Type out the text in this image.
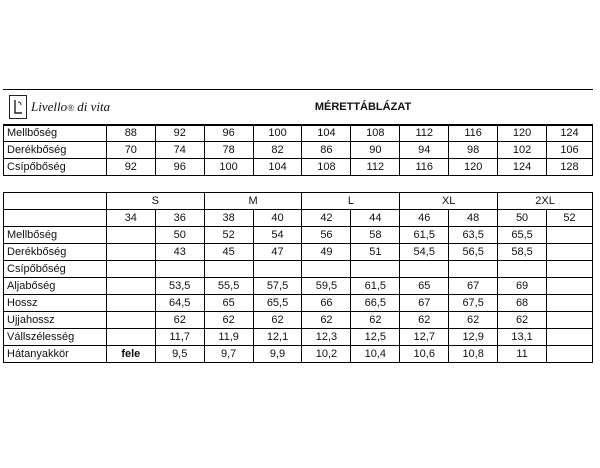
Livello® di vita	MÉRETTÁBLÁZAT
Mellbőség	88	92	96	100	104	108	112	116	120	124
Derékbőség	70	74	78	82	86	90	94	98	102	106
Csípőbőség	92	96	100	104	108	112	116	120	124	128
	S		M		L		XL		2XL	
	34	36	38	40	42	44	46	48	50	52
Mellbőség		50	52	54	56	58	61,5	63,5	65,5	
Derékbőség		43	45	47	49	51	54,5	56,5	58,5	
Csípőbőség										
Aljabőség		53,5	55,5	57,5	59,5	61,5	65	67	69	
Hossz		64,5	65	65,5	66	66,5	67	67,5	68	
Ujjahossz		62	62	62	62	62	62	62	62	
Vállszélesség		11,7	11,9	12,1	12,3	12,5	12,7	12,9	13,1	
Hátanyakkör	fele	9,5	9,7	9,9	10,2	10,4	10,6	10,8	11	
